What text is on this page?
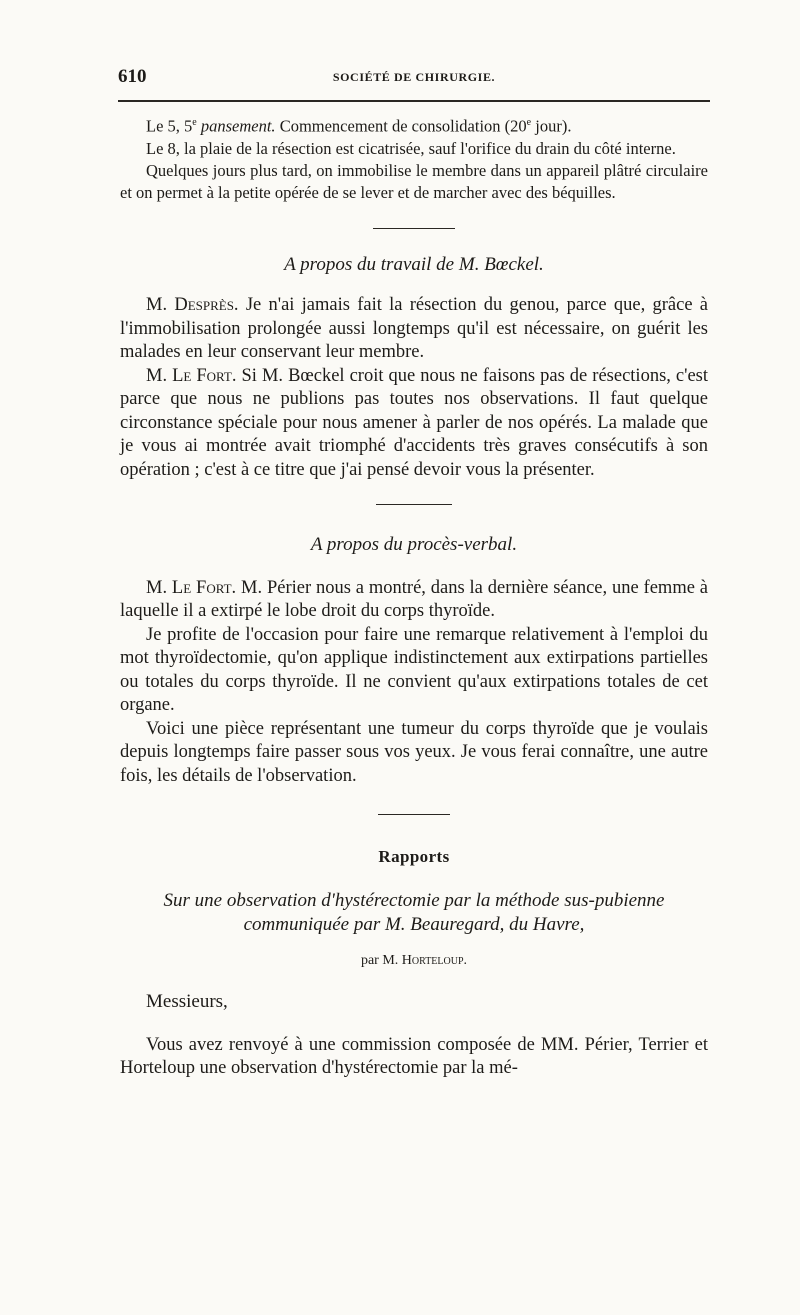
610	SOCIÉTÉ DE CHIRURGIE.

Le 5, 5e pansement. Commencement de consolidation (20e jour).

Le 8, la plaie de la résection est cicatrisée, sauf l'orifice du drain du côté interne.

Quelques jours plus tard, on immobilise le membre dans un appareil plâtré circulaire et on permet à la petite opérée de se lever et de marcher avec des béquilles.

A propos du travail de M. Bœckel.

M. Desprès. Je n'ai jamais fait la résection du genou, parce que, grâce à l'immobilisation prolongée aussi longtemps qu'il est nécessaire, on guérit les malades en leur conservant leur membre.

M. Le Fort. Si M. Bœckel croit que nous ne faisons pas de résections, c'est parce que nous ne publions pas toutes nos observations. Il faut quelque circonstance spéciale pour nous amener à parler de nos opérés. La malade que je vous ai montrée avait triomphé d'accidents très graves consécutifs à son opération ; c'est à ce titre que j'ai pensé devoir vous la présenter.

A propos du procès-verbal.

M. Le Fort. M. Périer nous a montré, dans la dernière séance, une femme à laquelle il a extirpé le lobe droit du corps thyroïde.

Je profite de l'occasion pour faire une remarque relativement à l'emploi du mot thyroïdectomie, qu'on applique indistinctement aux extirpations partielles ou totales du corps thyroïde. Il ne convient qu'aux extirpations totales de cet organe.

Voici une pièce représentant une tumeur du corps thyroïde que je voulais depuis longtemps faire passer sous vos yeux. Je vous ferai connaître, une autre fois, les détails de l'observation.

Rapports
Sur une observation d'hystérectomie par la méthode sus-pubienne
communiquée par M. Beauregard, du Havre,
par M. Horteloup.

Messieurs,

Vous avez renvoyé à une commission composée de MM. Périer, Terrier et Horteloup une observation d'hystérectomie par la mé-
